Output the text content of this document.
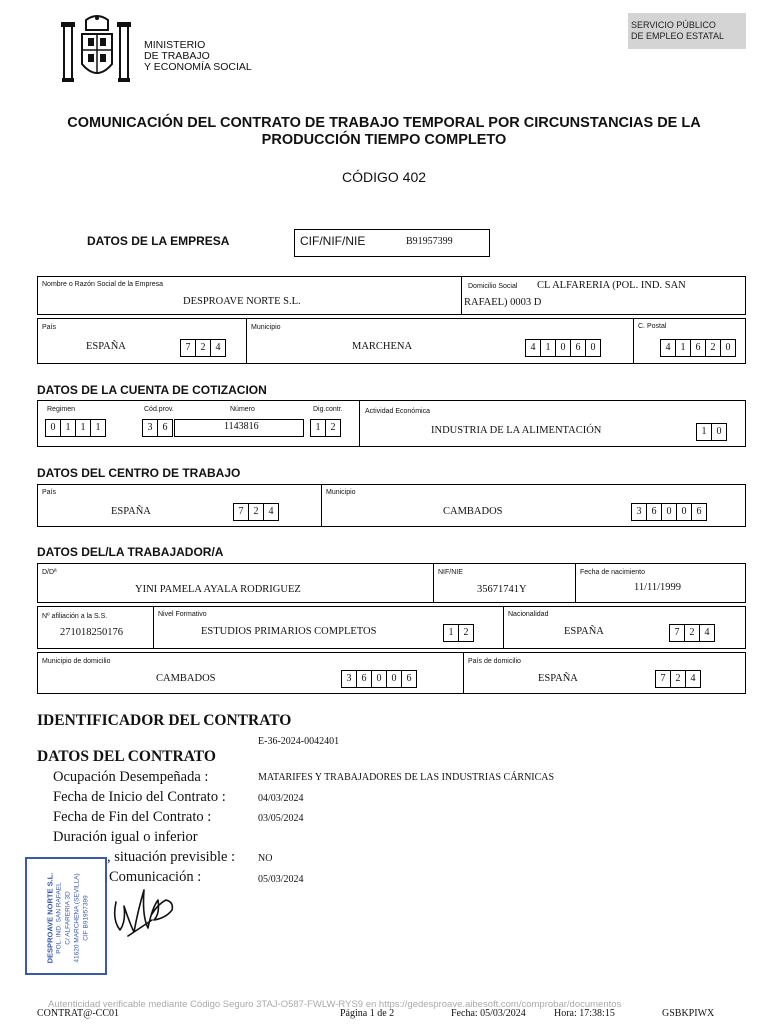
MINISTERIO
DE TRABAJO
Y ECONOMÍA SOCIAL
SERVICIO PÚBLICO
DE EMPLEO ESTATAL
COMUNICACIÓN DEL CONTRATO DE TRABAJO TEMPORAL POR CIRCUNSTANCIAS DE LA
PRODUCCIÓN TIEMPO COMPLETO
CÓDIGO 402
DATOS DE LA EMPRESA	CIF/NIF/NIE	B91957399
Nombre o Razón Social de la Empresa
DESPROAVE NORTE S.L.
Domicilio Social CL ALFARERIA (POL. IND. SAN
RAFAEL) 0003 D
País
ESPAÑA	7	2	4
Municipio
MARCHENA	4	1	0	6	0
C. Postal
4	1	6	2	0
DATOS DE LA CUENTA DE COTIZACION
Regimen
0	1	1	1
Cód.prov.
3	6
Número
1143816
Dig.contr.
1	2
Actividad Económica
INDUSTRIA DE LA ALIMENTACIÓN	1	0
DATOS DEL CENTRO DE TRABAJO
País
ESPAÑA	7	2	4
Municipio
CAMBADOS	3	6	0	0	6
DATOS DEL/LA TRABAJADOR/A
D/Dª
YINI PAMELA AYALA RODRIGUEZ
NIF/NIE
35671741Y
Fecha de nacimiento
11/11/1999
Nº afiliación a la S.S.
271018250176
Nivel Formativo
ESTUDIOS PRIMARIOS COMPLETOS	1	2
Nacionalidad
ESPAÑA	7	2	4
Municipio de domicilio
CAMBADOS	3	6	0	0	6
País de domicilio
ESPAÑA	7	2	4
IDENTIFICADOR DEL CONTRATO
E-36-2024-0042401
DATOS DEL CONTRATO
Ocupación Desempeñada :	MATARIFES Y TRABAJADORES DE LAS INDUSTRIAS CÁRNICAS
Fecha de Inicio del Contrato :	04/03/2024
Fecha de Fin del Contrato :	03/05/2024
Duración igual o inferior
, situación previsible : NO
Comunicación :	05/03/2024
DESPROAVE NORTE S.L. POL. IND. SAN RAFAEL C/ ALFARERIA 3D 41620 MARCHENA (SEVILLA) CIF B91957399
Autenticidad verificable mediante Código Seguro 3TAJ-O587-FWLW-RYS9 en https://gedesproave.aibesoft.com/comprobar/documentos
CONTRAT@-CC01	Página 1 de 2	Fecha: 05/03/2024	Hora: 17:38:15	GSBKPIWX
